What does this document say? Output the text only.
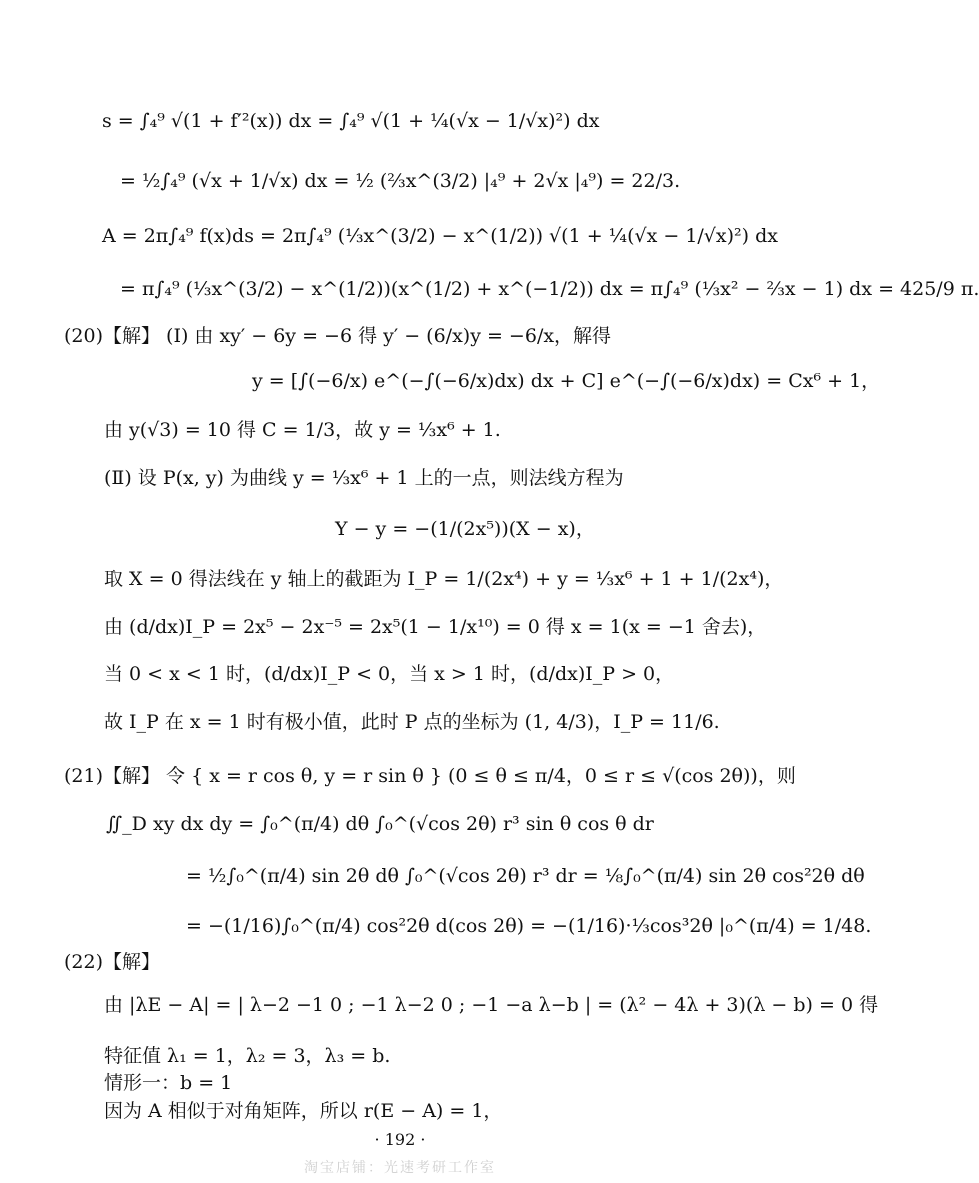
s = ∫₄⁹ √(1 + f′²(x)) dx = ∫₄⁹ √(1 + ¼(√x − 1/√x)²) dx
= ½∫₄⁹ (√x + 1/√x) dx = ½ (⅔x^(3/2) |₄⁹ + 2√x |₄⁹) = 22/3.
A = 2π∫₄⁹ f(x)ds = 2π∫₄⁹ (⅓x^(3/2) − x^(1/2)) √(1 + ¼(√x − 1/√x)²) dx
= π∫₄⁹ (⅓x^(3/2) − x^(1/2))(x^(1/2) + x^(−1/2)) dx = π∫₄⁹ (⅓x² − ⅔x − 1) dx = 425/9 π.
(20)【解】 (Ⅰ) 由 xy′ − 6y = −6 得 y′ − (6/x)y = −6/x，解得
y = [∫(−6/x) e^(−∫(−6/x)dx) dx + C] e^(−∫(−6/x)dx) = Cx⁶ + 1，
由 y(√3) = 10 得 C = 1/3，故 y = ⅓x⁶ + 1.
(Ⅱ) 设 P(x, y) 为曲线 y = ⅓x⁶ + 1 上的一点，则法线方程为
Y − y = −(1/(2x⁵))(X − x)，
取 X = 0 得法线在 y 轴上的截距为 I_P = 1/(2x⁴) + y = ⅓x⁶ + 1 + 1/(2x⁴)，
由 (d/dx)I_P = 2x⁵ − 2x⁻⁵ = 2x⁵(1 − 1/x¹⁰) = 0 得 x = 1(x = −1 舍去)，
当 0 < x < 1 时，(d/dx)I_P < 0，当 x > 1 时，(d/dx)I_P > 0，
故 I_P 在 x = 1 时有极小值，此时 P 点的坐标为 (1, 4/3)，I_P = 11/6.
(21)【解】 令 { x = r cos θ, y = r sin θ } (0 ≤ θ ≤ π/4，0 ≤ r ≤ √(cos 2θ))，则
∬_D xy dx dy = ∫₀^(π/4) dθ ∫₀^(√cos 2θ) r³ sin θ cos θ dr
= ½∫₀^(π/4) sin 2θ dθ ∫₀^(√cos 2θ) r³ dr = ⅛∫₀^(π/4) sin 2θ cos²2θ dθ
= −(1/16)∫₀^(π/4) cos²2θ d(cos 2θ) = −(1/16)·⅓cos³2θ |₀^(π/4) = 1/48.
(22)【解】
由 |λE − A| = | λ−2 −1 0 ; −1 λ−2 0 ; −1 −a λ−b | = (λ² − 4λ + 3)(λ − b) = 0 得
特征值 λ₁ = 1，λ₂ = 3，λ₃ = b.
情形一：b = 1
因为 A 相似于对角矩阵，所以 r(E − A) = 1，
· 192 ·
淘宝店铺：光速考研工作室
